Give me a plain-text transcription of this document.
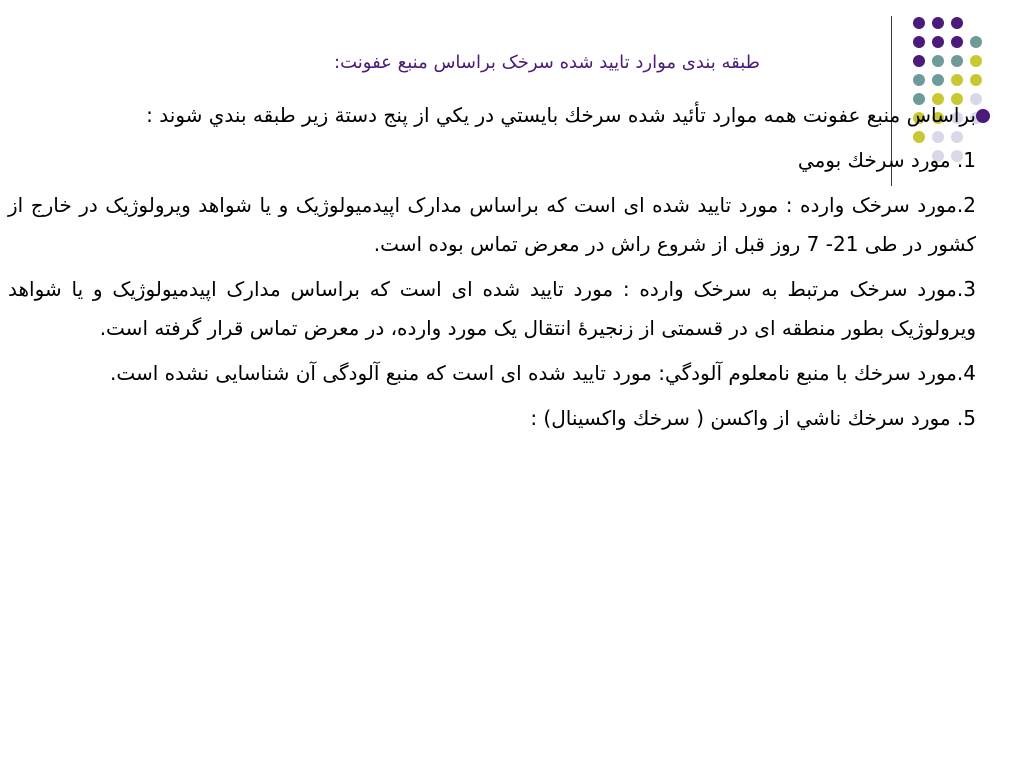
طبقه بندی موارد تایید شده سرخک براساس منبع عفونت:
براساس منبع عفونت همه موارد تأئيد شده سرخك بايستي در يكي از پنج دستة زير طبقه بندي شوند :
1. مورد سرخك بومي
2.مورد سرخک وارده : مورد تایید شده ای است که براساس مدارک اپیدمیولوژیک و یا شواهد ویرولوژیک در خارج از کشور در طی 21- 7 روز قبل از شروع راش در معرض تماس بوده است.
3.مورد سرخک مرتبط به سرخک وارده : مورد تایید شده ای است که براساس مدارک اپیدمیولوژیک و یا شواهد ویرولوژیک بطور منطقه ای در قسمتی از زنجیرۀ انتقال یک مورد وارده، در معرض تماس قرار گرفته است.
4.مورد سرخك با منبع نامعلوم آلودگي: مورد تایید شده ای است که منبع آلودگی آن شناسایی نشده است.
5. مورد سرخك ناشي از واكسن ( سرخك واكسينال) :
